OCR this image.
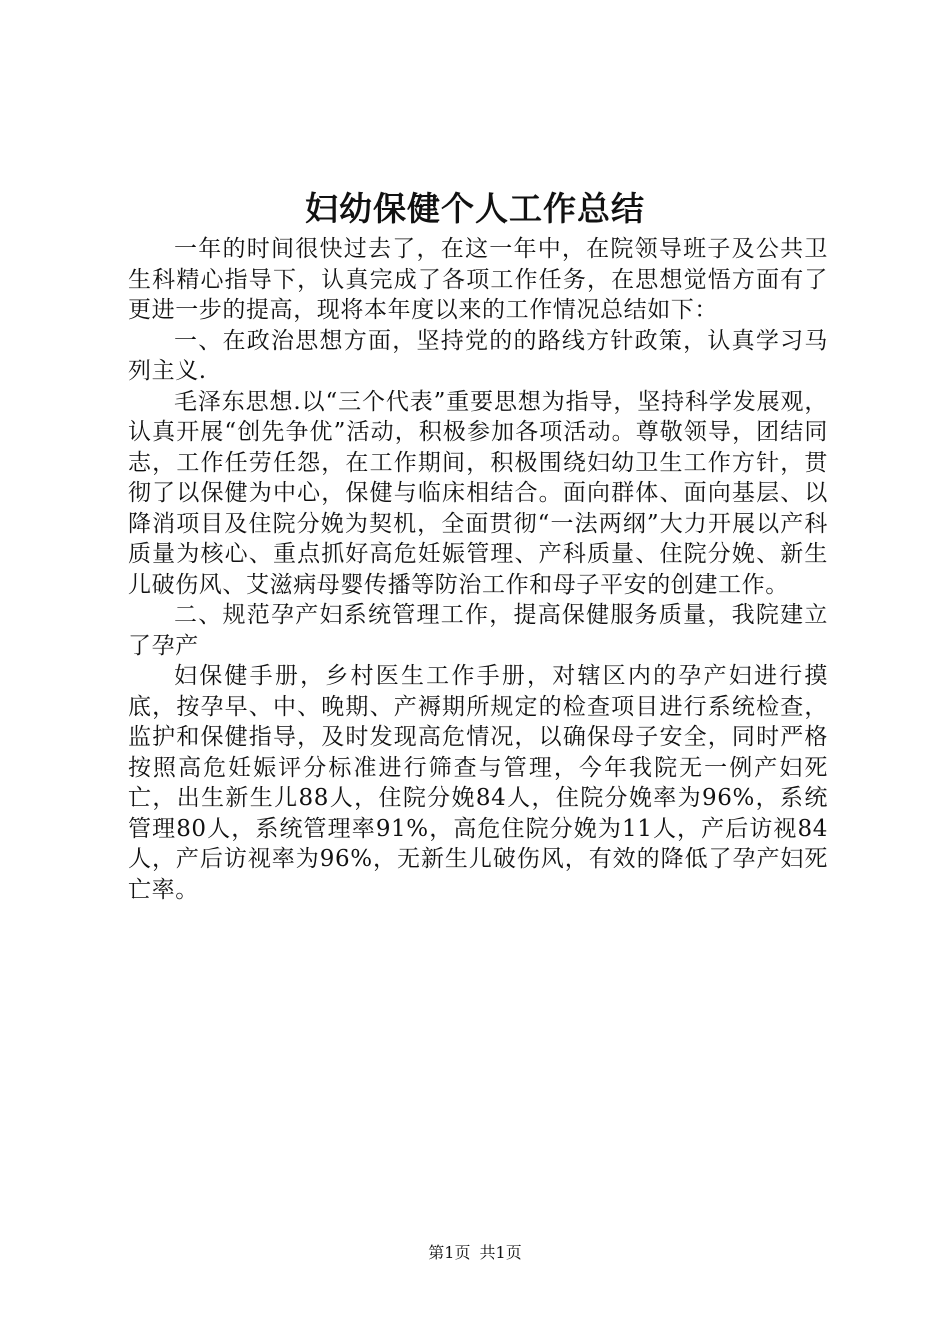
妇幼保健个人工作总结

一年的时间很快过去了，在这一年中，在院领导班子及公共卫生科精心指导下，认真完成了各项工作任务，在思想觉悟方面有了更进一步的提高，现将本年度以来的工作情况总结如下：

一、在政治思想方面，坚持党的的路线方针政策，认真学习马列主义.

毛泽东思想.以“三个代表”重要思想为指导，坚持科学发展观，认真开展“创先争优”活动，积极参加各项活动。尊敬领导，团结同志，工作任劳任怨，在工作期间，积极围绕妇幼卫生工作方针，贯彻了以保健为中心，保健与临床相结合。面向群体、面向基层、以降消项目及住院分娩为契机，全面贯彻“一法两纲”大力开展以产科质量为核心、重点抓好高危妊娠管理、产科质量、住院分娩、新生儿破伤风、艾滋病母婴传播等防治工作和母子平安的创建工作。

二、规范孕产妇系统管理工作，提高保健服务质量，我院建立了孕产

妇保健手册，乡村医生工作手册，对辖区内的孕产妇进行摸底，按孕早、中、晚期、产褥期所规定的检查项目进行系统检查，监护和保健指导，及时发现高危情况，以确保母子安全，同时严格按照高危妊娠评分标准进行筛查与管理，今年我院无一例产妇死亡，出生新生儿88人，住院分娩84人，住院分娩率为96%，系统管理80人，系统管理率91%，高危住院分娩为11人，产后访视84人，产后访视率为96%，无新生儿破伤风，有效的降低了孕产妇死亡率。

第1页 共1页
